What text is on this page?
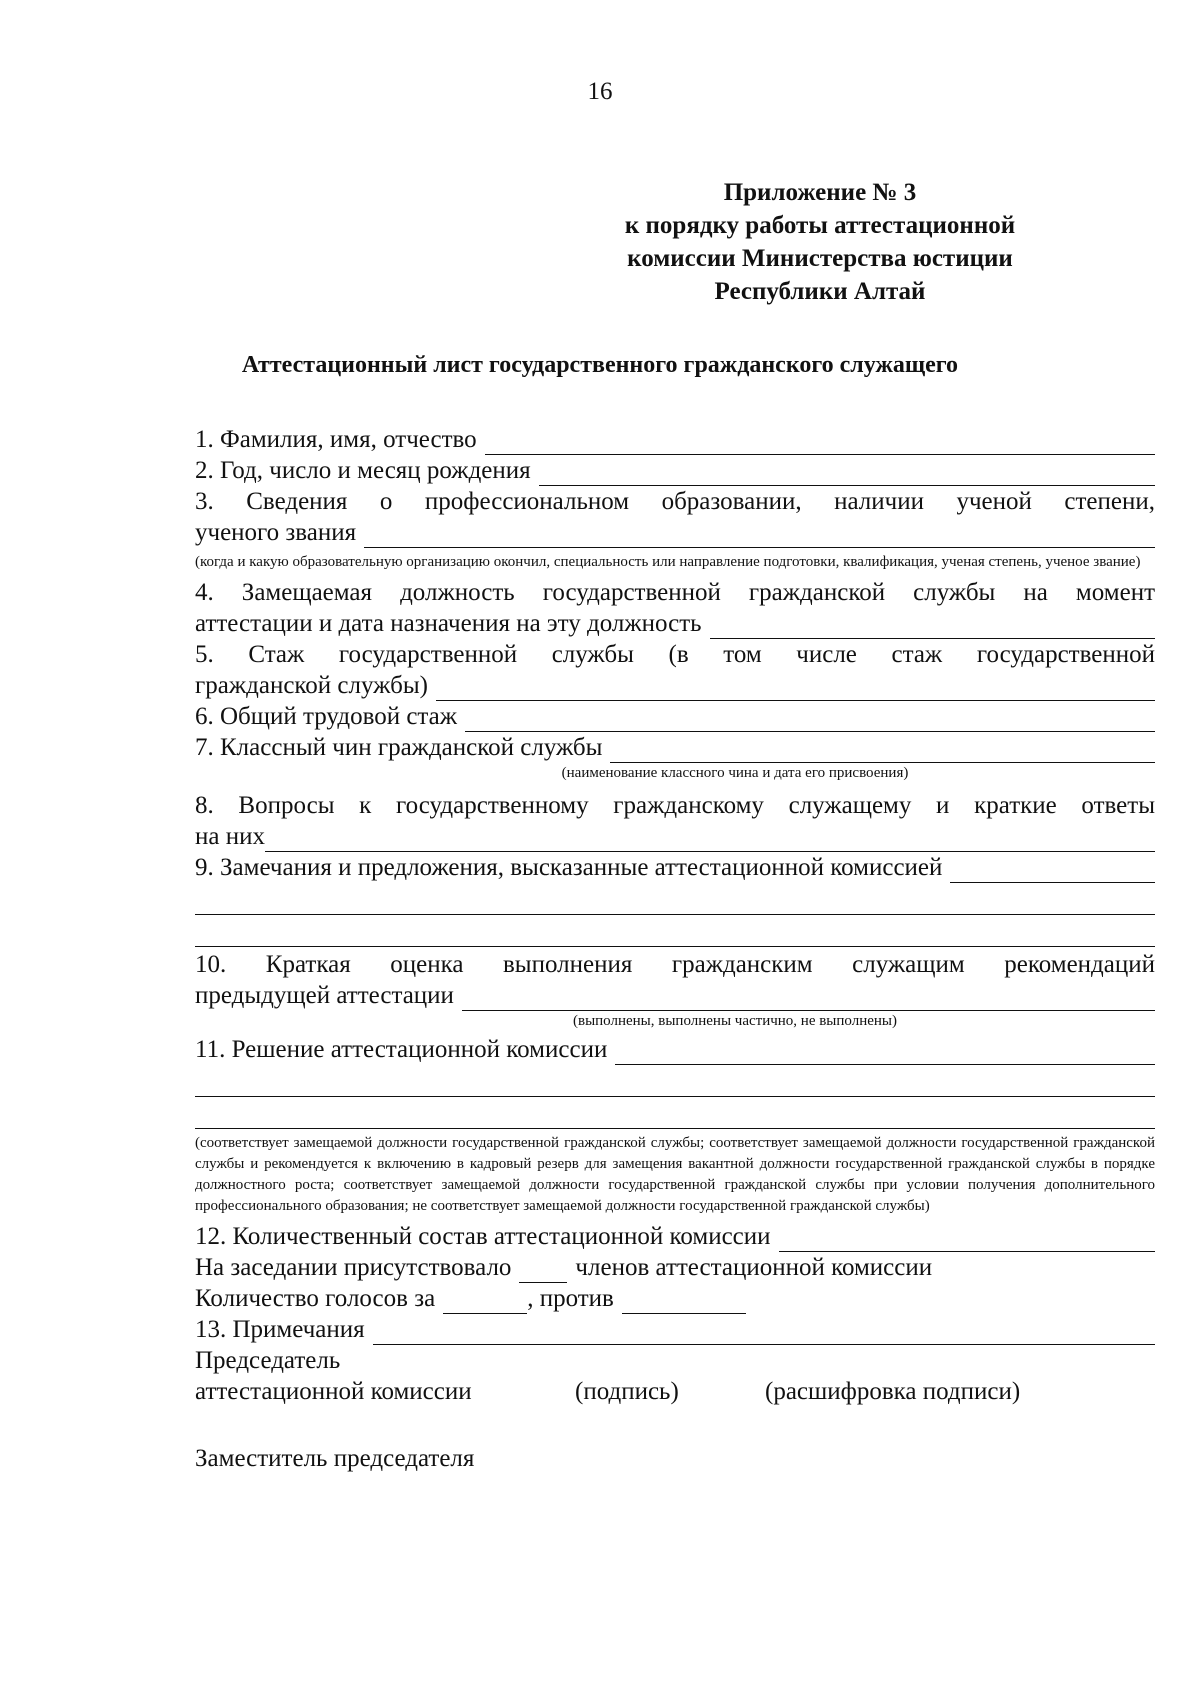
16
Приложение № 3
к порядку работы аттестационной
комиссии Министерства юстиции
Республики Алтай
Аттестационный лист государственного гражданского служащего
1. Фамилия, имя, отчество
2. Год, число и месяц рождения
3. Сведения о профессиональном образовании, наличии ученой степени,
ученого звания
(когда и какую образовательную организацию окончил, специальность или направление подготовки, квалификация, ученая степень, ученое звание)
4. Замещаемая должность государственной гражданской службы на момент
аттестации и дата назначения на эту должность
5. Стаж государственной службы (в том числе стаж государственной
гражданской службы)
6. Общий трудовой стаж
7. Классный чин гражданской службы
(наименование классного чина и дата его присвоения)
8. Вопросы к государственному гражданскому служащему и краткие ответы
на них
9. Замечания и предложения, высказанные аттестационной комиссией
10. Краткая оценка выполнения гражданским служащим рекомендаций
предыдущей аттестации
(выполнены, выполнены частично, не выполнены)
11. Решение аттестационной комиссии
(соответствует замещаемой должности государственной гражданской службы; соответствует замещаемой должности государственной гражданской службы и рекомендуется к включению в кадровый резерв для замещения вакантной должности государственной гражданской службы в порядке должностного роста; соответствует замещаемой должности государственной гражданской службы при условии получения дополнительного профессионального образования; не соответствует замещаемой должности государственной гражданской службы)
12. Количественный состав аттестационной комиссии
На заседании присутствовало	членов аттестационной комиссии
Количество голосов за	, против
13. Примечания
Председатель
аттестационной комиссии	(подпись)	(расшифровка подписи)
Заместитель председателя
